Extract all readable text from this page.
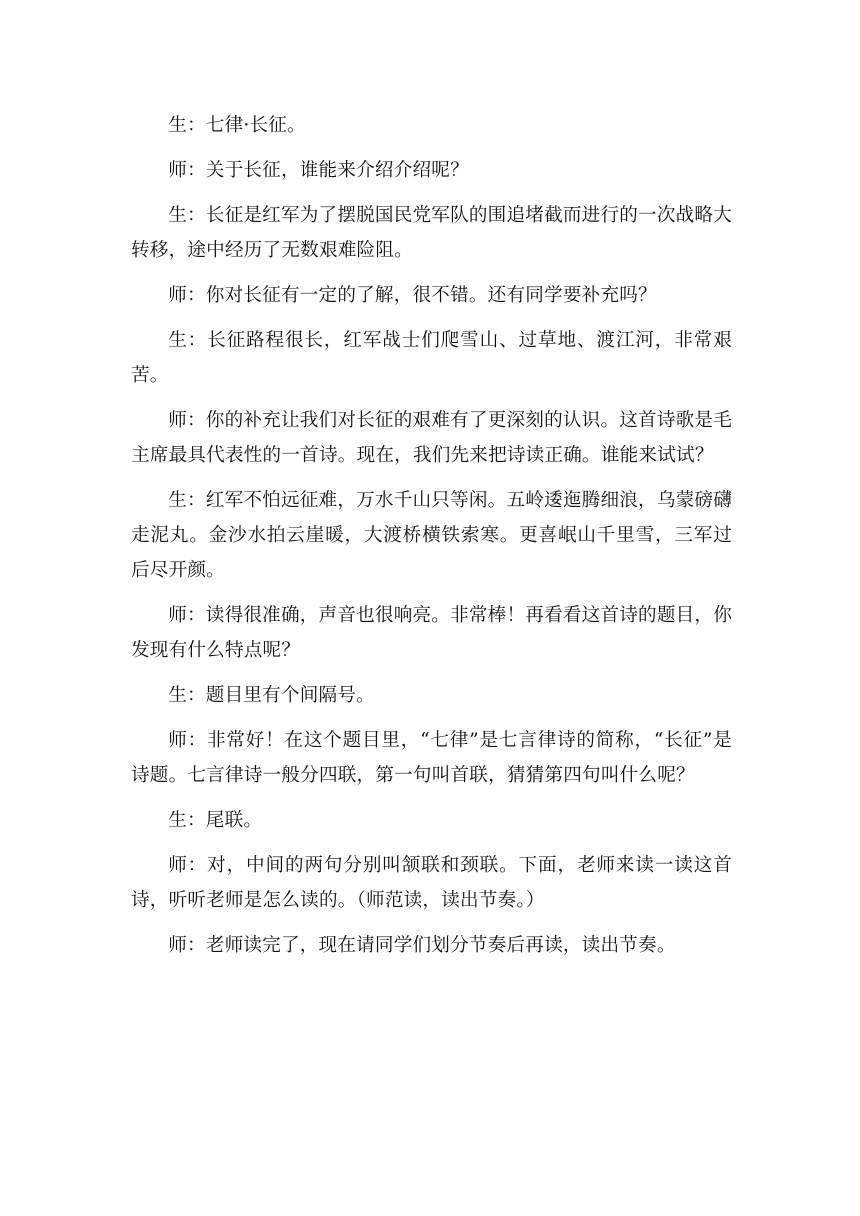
生：七律·长征。

师：关于长征，谁能来介绍介绍呢？

生：长征是红军为了摆脱国民党军队的围追堵截而进行的一次战略大转移，途中经历了无数艰难险阻。

师：你对长征有一定的了解，很不错。还有同学要补充吗？

生：长征路程很长，红军战士们爬雪山、过草地、渡江河，非常艰苦。

师：你的补充让我们对长征的艰难有了更深刻的认识。这首诗歌是毛主席最具代表性的一首诗。现在，我们先来把诗读正确。谁能来试试？

生：红军不怕远征难，万水千山只等闲。五岭逶迤腾细浪，乌蒙磅礴走泥丸。金沙水拍云崖暖，大渡桥横铁索寒。更喜岷山千里雪，三军过后尽开颜。

师：读得很准确，声音也很响亮。非常棒！再看看这首诗的题目，你发现有什么特点呢？

生：题目里有个间隔号。

师：非常好！在这个题目里，“七律”是七言律诗的简称，“长征”是诗题。七言律诗一般分四联，第一句叫首联，猜猜第四句叫什么呢？

生：尾联。

师：对，中间的两句分别叫颔联和颈联。下面，老师来读一读这首诗，听听老师是怎么读的。（师范读，读出节奏。）

师：老师读完了，现在请同学们划分节奏后再读，读出节奏。
